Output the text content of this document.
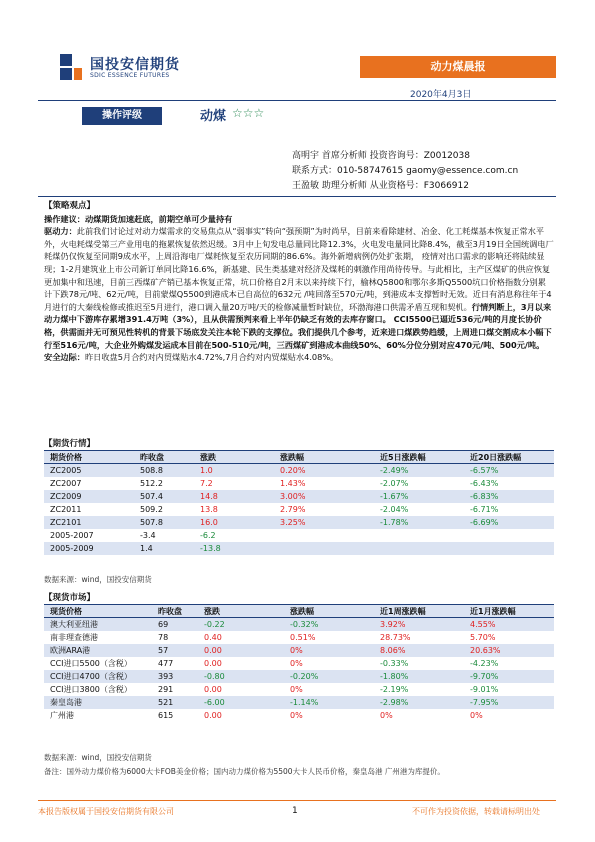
国投安信期货
SDIC ESSENCE FUTURES
动力煤晨报
2020年4月3日
操作评级	动煤 ☆☆☆
高明宇 首席分析师 投资咨询号：Z0012038
联系方式：010-58747615 gaomy@essence.com.cn
王盈敏 助理分析师 从业资格号：F3066912

【策略观点】

操作建议：动煤期货加速赶底，前期空单可少量持有

驱动力：此前我们讨论过对动力煤需求的交易焦点从“弱事实”转向“强预期”为时尚早，目前来看除建材、冶金、化工耗煤基本恢复正常水平外，火电耗煤受第三产业用电的拖累恢复依然迟缓。3月中上旬发电总量同比降12.3%，火电发电量同比降8.4%，截至3月19日全国统调电厂耗煤仍仅恢复至同期9成水平，上周沿海电厂煤耗恢复至农历同期的86.6%。海外新增病例仍处扩张期， 疫情对出口需求的影响还将陆续显现；1-2月建筑业上市公司新订单同比降16.6%，新基建、民生类基建对经济及煤耗的刺激作用尚待传导。与此相比，主产区煤矿的供应恢复更加集中和迅速，目前三西煤矿产销已基本恢复正常，坑口价格自2月末以来持续下行，榆林Q5800和鄂尔多斯Q5500坑口价格指数分别累计下跌78元/吨、62元/吨，目前蒙煤Q5500到港成本已自高位的632元 /吨回落至570元/吨，到港成本支撑暂时无效。近日有消息称往年于4月进行的大秦线检修或推迟至5月进行，港口调入量20万吨/天的检修减量暂时缺位，环渤海港口供需矛盾互现和契机。行情判断上，3月以来动力煤中下游库存累增391.4万吨（3%），且从供需预判来看上半年仍缺乏有效的去库存窗口。 CCI5500已逼近536元/吨的月度长协价格，供需面并无可预见性转机的背景下场底发关注本轮下跌的支撑位。我们提供几个参考，近来进口煤跌势趋缓，上周进口煤交割成本小幅下行至516元/吨，大企业外购煤发运成本目前在500-510元/吨，三西煤矿到港成本曲线50%、60%分位分别对应470元/吨、500元/吨。

安全边际：昨日收盘5月合约对内贸煤贴水4.72%,7月合约对内贸煤贴水4.08%。

【期货行情】
期货价格	昨收盘	涨跌	涨跌幅	近5日涨跌幅	近20日涨跌幅
ZC2005	508.8	1.0	0.20%	-2.49%	-6.57%
ZC2007	512.2	7.2	1.43%	-2.07%	-6.43%
ZC2009	507.4	14.8	3.00%	-1.67%	-6.83%
ZC2011	509.2	13.8	2.79%	-2.04%	-6.71%
ZC2101	507.8	16.0	3.25%	-1.78%	-6.69%
2005-2007	-3.4	-6.2			
2005-2009	1.4	-13.8			
数据来源：wind，国投安信期货
【现货市场】
现货价格	昨收盘	涨跌	涨跌幅	近1周涨跌幅	近1月涨跌幅
澳大利亚纽港	69	-0.22	-0.32%	3.92%	4.55%
南非理查德港	78	0.40	0.51%	28.73%	5.70%
欧洲ARA港	57	0.00	0%	8.06%	20.63%
CCI进口5500（含税）	477	0.00	0%	-0.33%	-4.23%
CCI进口4700（含税）	393	-0.80	-0.20%	-1.80%	-9.70%
CCI进口3800（含税）	291	0.00	0%	-2.19%	-9.01%
秦皇岛港	521	-6.00	-1.14%	-2.98%	-7.95%
广州港	615	0.00	0%	0%	0%
数据来源：wind，国投安信期货
备注：国外动力煤价格为6000大卡FOB美金价格；国内动力煤价格为5500大卡人民币价格，秦皇岛港 广州港为库提价。
本报告版权属于国投安信期货有限公司	1	不可作为投资依据，转载请标明出处
